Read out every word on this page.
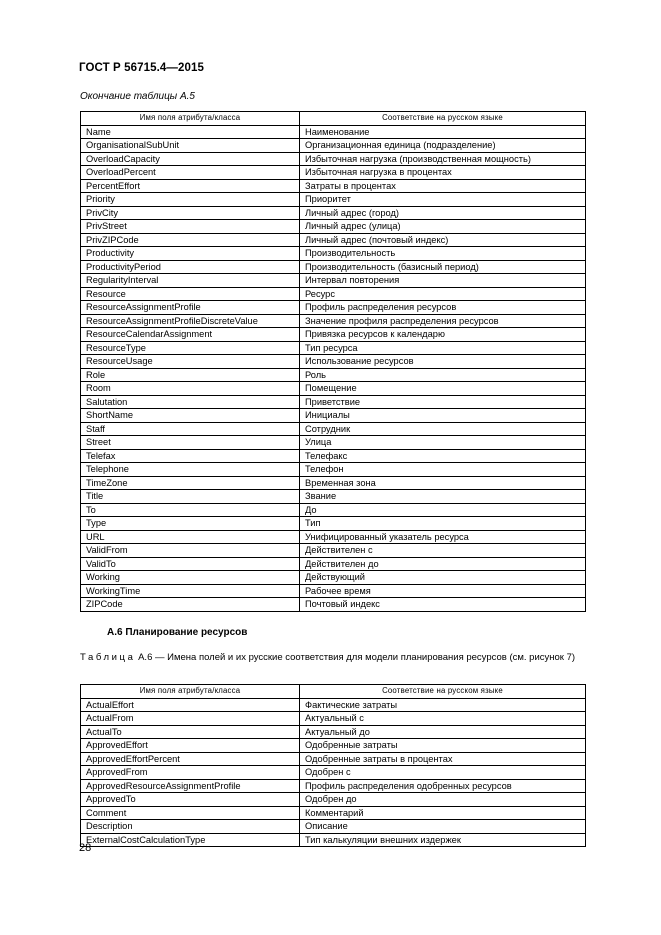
ГОСТ Р 56715.4—2015
Окончание таблицы А.5
Имя поля атрибута/класса	Соответствие на русском языке
Name	Наименование
OrganisationalSubUnit	Организационная единица (подразделение)
OverloadCapacity	Избыточная нагрузка (производственная мощность)
OverloadPercent	Избыточная нагрузка в процентах
PercentEffort	Затраты в процентах
Priority	Приоритет
PrivCity	Личный адрес (город)
PrivStreet	Личный адрес (улица)
PrivZIPCode	Личный адрес (почтовый индекс)
Productivity	Производительность
ProductivityPeriod	Производительность (базисный период)
RegularityInterval	Интервал повторения
Resource	Ресурс
ResourceAssignmentProfile	Профиль распределения ресурсов
ResourceAssignmentProfileDiscreteValue	Значение профиля распределения ресурсов
ResourceCalendarAssignment	Привязка ресурсов к календарю
ResourceType	Тип ресурса
ResourceUsage	Использование ресурсов
Role	Роль
Room	Помещение
Salutation	Приветствие
ShortName	Инициалы
Staff	Сотрудник
Street	Улица
Telefax	Телефакс
Telephone	Телефон
TimeZone	Временная зона
Title	Звание
To	До
Type	Тип
URL	Унифицированный указатель ресурса
ValidFrom	Действителен с
ValidTo	Действителен до
Working	Действующий
WorkingTime	Рабочее время
ZIPCode	Почтовый индекс
А.6 Планирование ресурсов
Таблица А.6 — Имена полей и их русские соответствия для модели планирования ресурсов (см. рисунок 7)
Имя поля атрибута/класса	Соответствие на русском языке
ActualEffort	Фактические затраты
ActualFrom	Актуальный с
ActualTo	Актуальный до
ApprovedEffort	Одобренные затраты
ApprovedEffortPercent	Одобренные затраты в процентах
ApprovedFrom	Одобрен с
ApprovedResourceAssignmentProfile	Профиль распределения одобренных ресурсов
ApprovedTo	Одобрен до
Comment	Комментарий
Description	Описание
ExternalCostCalculationType	Тип калькуляции внешних издержек
28
